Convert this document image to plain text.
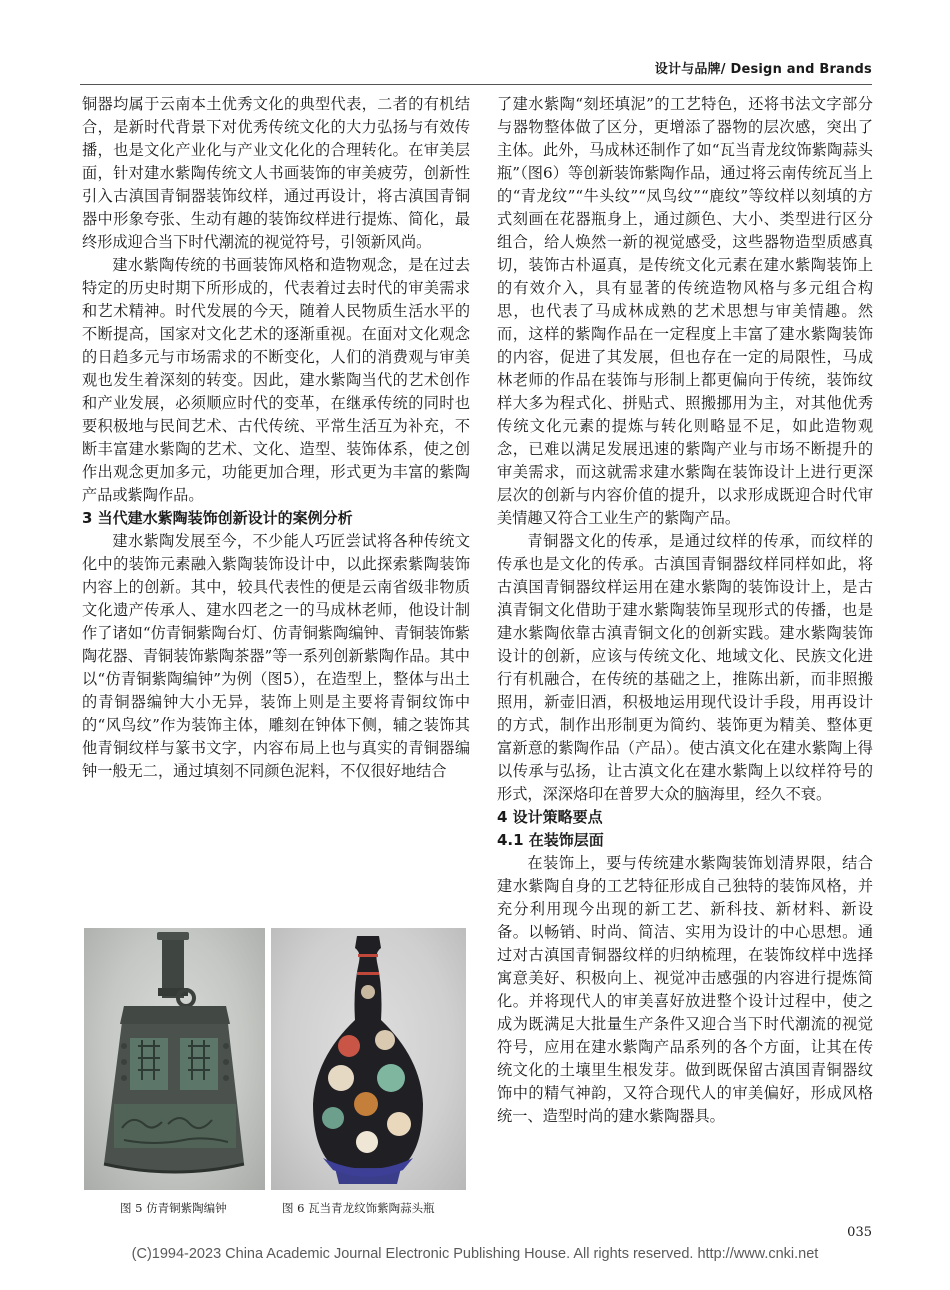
设计与品牌/ Design and Brands

铜器均属于云南本土优秀文化的典型代表，二者的有机结合，是新时代背景下对优秀传统文化的大力弘扬与有效传播，也是文化产业化与产业文化化的合理转化。在审美层面，针对建水紫陶传统文人书画装饰的审美疲劳，创新性引入古滇国青铜器装饰纹样，通过再设计，将古滇国青铜器中形象夸张、生动有趣的装饰纹样进行提炼、简化，最终形成迎合当下时代潮流的视觉符号，引领新风尚。

建水紫陶传统的书画装饰风格和造物观念，是在过去特定的历史时期下所形成的，代表着过去时代的审美需求和艺术精神。时代发展的今天，随着人民物质生活水平的不断提高，国家对文化艺术的逐渐重视。在面对文化观念的日趋多元与市场需求的不断变化，人们的消费观与审美观也发生着深刻的转变。因此，建水紫陶当代的艺术创作和产业发展，必须顺应时代的变革，在继承传统的同时也要积极地与民间艺术、古代传统、平常生活互为补充，不断丰富建水紫陶的艺术、文化、造型、装饰体系，使之创作出观念更加多元，功能更加合理，形式更为丰富的紫陶产品或紫陶作品。

3 当代建水紫陶装饰创新设计的案例分析

建水紫陶发展至今，不少能人巧匠尝试将各种传统文化中的装饰元素融入紫陶装饰设计中，以此探索紫陶装饰内容上的创新。其中，较具代表性的便是云南省级非物质文化遗产传承人、建水四老之一的马成林老师，他设计制作了诸如“仿青铜紫陶台灯、仿青铜紫陶编钟、青铜装饰紫陶花器、青铜装饰紫陶茶器”等一系列创新紫陶作品。其中以“仿青铜紫陶编钟”为例（图5），在造型上，整体与出土的青铜器编钟大小无异，装饰上则是主要将青铜纹饰中的“风鸟纹”作为装饰主体，雕刻在钟体下侧，辅之装饰其他青铜纹样与篆书文字，内容布局上也与真实的青铜器编钟一般无二，通过填刻不同颜色泥料，不仅很好地结合

了建水紫陶“刻坯填泥”的工艺特色，还将书法文字部分与器物整体做了区分，更增添了器物的层次感，突出了主体。此外，马成林还制作了如“瓦当青龙纹饰紫陶蒜头瓶”（图6）等创新装饰紫陶作品，通过将云南传统瓦当上的“青龙纹”“牛头纹”“凤鸟纹”“鹿纹”等纹样以刻填的方式刻画在花器瓶身上，通过颜色、大小、类型进行区分组合，给人焕然一新的视觉感受，这些器物造型质感真切，装饰古朴逼真，是传统文化元素在建水紫陶装饰上的有效介入，具有显著的传统造物风格与多元组合构思，也代表了马成林成熟的艺术思想与审美情趣。然而，这样的紫陶作品在一定程度上丰富了建水紫陶装饰的内容，促进了其发展，但也存在一定的局限性，马成林老师的作品在装饰与形制上都更偏向于传统，装饰纹样大多为程式化、拼贴式、照搬挪用为主，对其他优秀传统文化元素的提炼与转化则略显不足，如此造物观念，已难以满足发展迅速的紫陶产业与市场不断提升的审美需求，而这就需求建水紫陶在装饰设计上进行更深层次的创新与内容价值的提升，以求形成既迎合时代审美情趣又符合工业生产的紫陶产品。

青铜器文化的传承，是通过纹样的传承，而纹样的传承也是文化的传承。古滇国青铜器纹样同样如此，将古滇国青铜器纹样运用在建水紫陶的装饰设计上，是古滇青铜文化借助于建水紫陶装饰呈现形式的传播，也是建水紫陶依靠古滇青铜文化的创新实践。建水紫陶装饰设计的创新，应该与传统文化、地域文化、民族文化进行有机融合，在传统的基础之上，推陈出新，而非照搬照用，新壶旧酒，积极地运用现代设计手段，用再设计的方式，制作出形制更为简约、装饰更为精美、整体更富新意的紫陶作品（产品）。使古滇文化在建水紫陶上得以传承与弘扬，让古滇文化在建水紫陶上以纹样符号的形式，深深烙印在普罗大众的脑海里，经久不衰。

4 设计策略要点

4.1 在装饰层面

在装饰上，要与传统建水紫陶装饰划清界限，结合建水紫陶自身的工艺特征形成自己独特的装饰风格，并充分利用现今出现的新工艺、新科技、新材料、新设备。以畅销、时尚、简洁、实用为设计的中心思想。通过对古滇国青铜器纹样的归纳梳理，在装饰纹样中选择寓意美好、积极向上、视觉冲击感强的内容进行提炼简化。并将现代人的审美喜好放进整个设计过程中，使之成为既满足大批量生产条件又迎合当下时代潮流的视觉符号，应用在建水紫陶产品系列的各个方面，让其在传统文化的土壤里生根发芽。做到既保留古滇国青铜器纹饰中的精气神韵，又符合现代人的审美偏好，形成风格统一、造型时尚的建水紫陶器具。

图 5 仿青铜紫陶编钟	图 6 瓦当青龙纹饰紫陶蒜头瓶
035
(C)1994-2023 China Academic Journal Electronic Publishing House. All rights reserved. http://www.cnki.net
